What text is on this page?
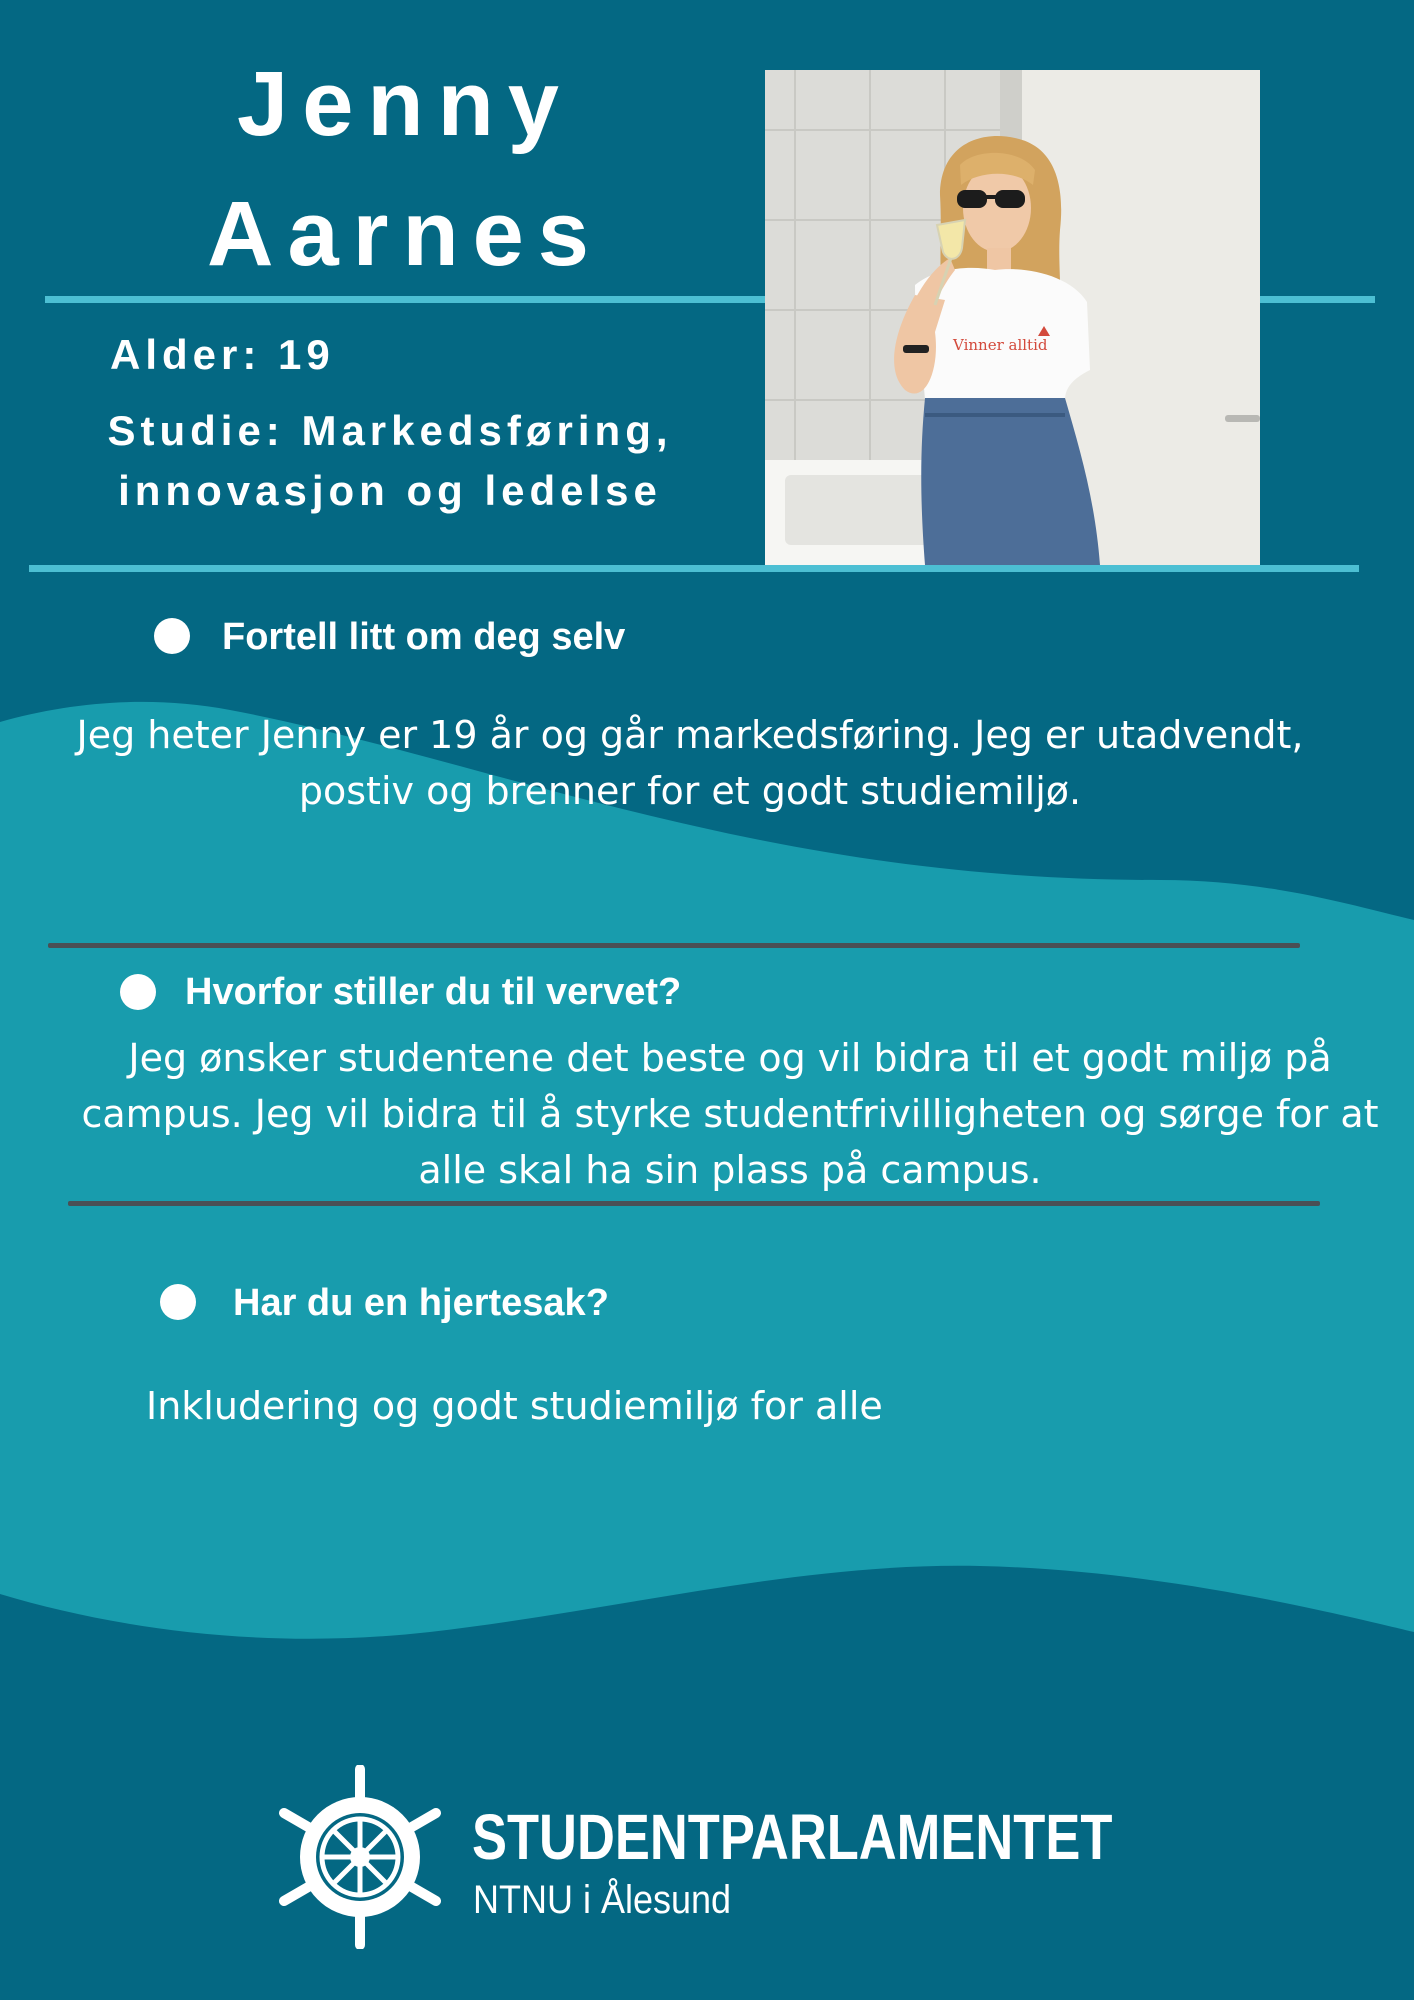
Jenny
Aarnes
Alder: 19
Studie: Markedsføring,
innovasjon og ledelse
Vinner alltid
Fortell litt om deg selv
Jeg heter Jenny er 19 år og går markedsføring. Jeg er utadvendt,
postiv og brenner for et godt studiemiljø.
Hvorfor stiller du til vervet?
Jeg ønsker studentene det beste og vil bidra til et godt miljø på
campus. Jeg vil bidra til å styrke studentfrivilligheten og sørge for at
alle skal ha sin plass på campus.
Har du en hjertesak?
Inkludering og godt studiemiljø for alle
STUDENTPARLAMENTET
NTNU i Ålesund
